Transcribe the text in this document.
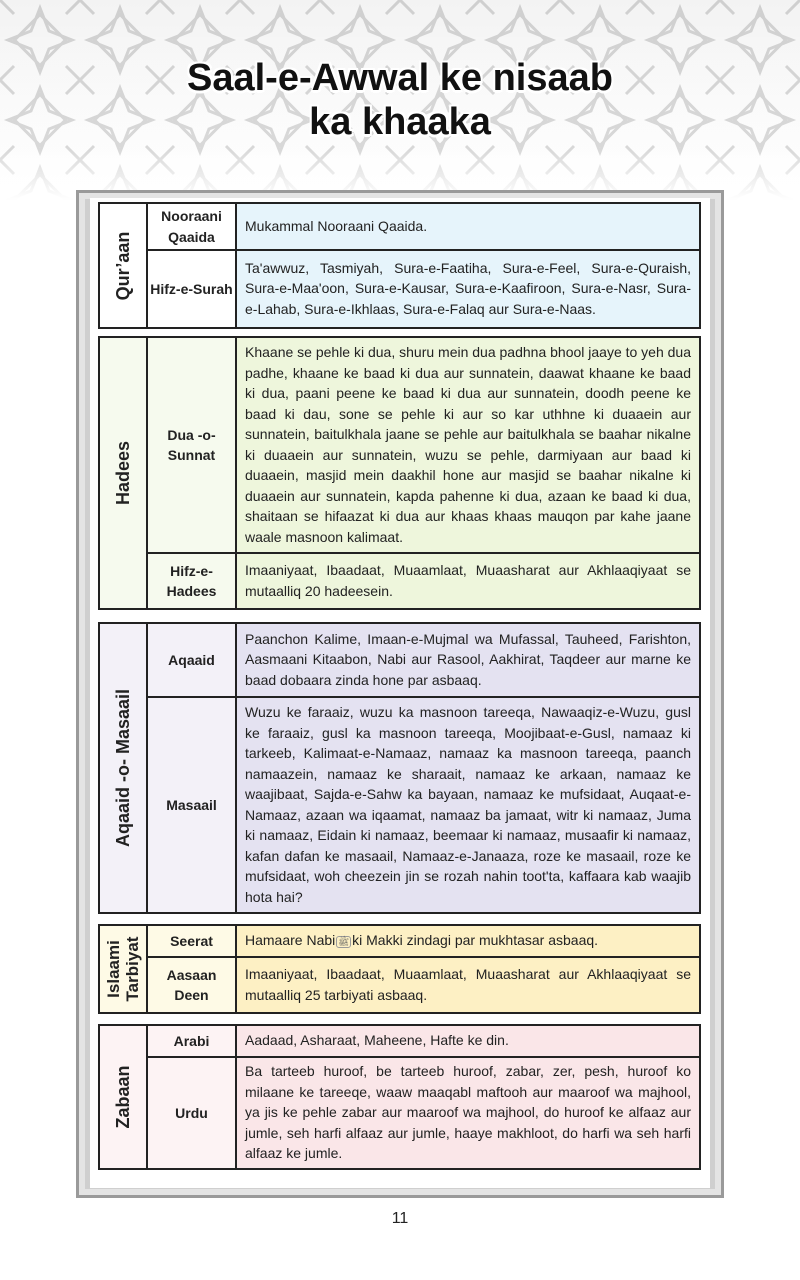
Saal-e-Awwal ke nisaab
ka khaaka
Qur’aan	Nooraani Qaaida	Mukammal Nooraani Qaaida.
	Hifz-e-Surah	Ta'awwuz, Tasmiyah, Sura-e-Faatiha, Sura-e-Feel, Sura-e-Quraish, Sura-e-Maa'oon, Sura-e-Kausar, Sura-e-Kaafiroon, Sura-e-Nasr, Sura-e-Lahab, Sura-e-Ikhlaas, Sura-e-Falaq aur Sura-e-Naas.
Hadees	Dua -o- Sunnat	Khaane se pehle ki dua, shuru mein dua padhna bhool jaaye to yeh dua padhe, khaane ke baad ki dua aur sunnatein, daawat khaane ke baad ki dua, paani peene ke baad ki dua aur sunnatein, doodh peene ke baad ki dau, sone se pehle ki aur so kar uthhne ki duaaein aur sunnatein, baitulkhala jaane se pehle aur baitulkhala se baahar nikalne ki duaaein aur sunnatein, wuzu se pehle, darmiyaan aur baad ki duaaein, masjid mein daakhil hone aur masjid se baahar nikalne ki duaaein aur sunnatein, kapda pahenne ki dua, azaan ke baad ki dua, shaitaan se hifaazat ki dua aur khaas khaas mauqon par kahe jaane waale masnoon kalimaat.
	Hifz-e-Hadees	Imaaniyaat, Ibaadaat, Muaamlaat, Muaasharat aur Akhlaaqiyaat se mutaalliq 20 hadeesein.
Aqaaid -o- Masaail	Aqaaid	Paanchon Kalime, Imaan-e-Mujmal wa Mufassal, Tauheed, Farishton, Aasmaani Kitaabon, Nabi aur Rasool, Aakhirat, Taqdeer aur marne ke baad dobaara zinda hone par asbaaq.
	Masaail	Wuzu ke faraaiz, wuzu ka masnoon tareeqa, Nawaaqiz-e-Wuzu, gusl ke faraaiz, gusl ka masnoon tareeqa, Moojibaat-e-Gusl, namaaz ki tarkeeb, Kalimaat-e-Namaaz, namaaz ka masnoon tareeqa, paanch namaazein, namaaz ke sharaait, namaaz ke arkaan, namaaz ke waajibaat, Sajda-e-Sahw ka bayaan, namaaz ke mufsidaat, Auqaat-e-Namaaz, azaan wa iqaamat, namaaz ba jamaat, witr ki namaaz, Juma ki namaaz, Eidain ki namaaz, beemaar ki namaaz, musaafir ki namaaz, kafan dafan ke masaail, Namaaz-e-Janaaza, roze ke masaail, roze ke mufsidaat, woh cheezein jin se rozah nahin toot'ta, kaffaara kab waajib hota hai?
Islaami Tarbiyat	Seerat	Hamaare Nabi ﷺ ki Makki zindagi par mukhtasar asbaaq.
	Aasaan Deen	Imaaniyaat, Ibaadaat, Muaamlaat, Muaasharat aur Akhlaaqiyaat se mutaalliq 25 tarbiyati asbaaq.
Zabaan	Arabi	Aadaad, Asharaat, Maheene, Hafte ke din.
	Urdu	Ba tarteeb huroof, be tarteeb huroof, zabar, zer, pesh, huroof ko milaane ke tareeqe, waaw maaqabl maftooh aur maaroof wa majhool, ya jis ke pehle zabar aur maaroof wa majhool, do huroof ke alfaaz aur jumle, seh harfi alfaaz aur jumle, haaye makhloot, do harfi wa seh harfi alfaaz ke jumle.
11
